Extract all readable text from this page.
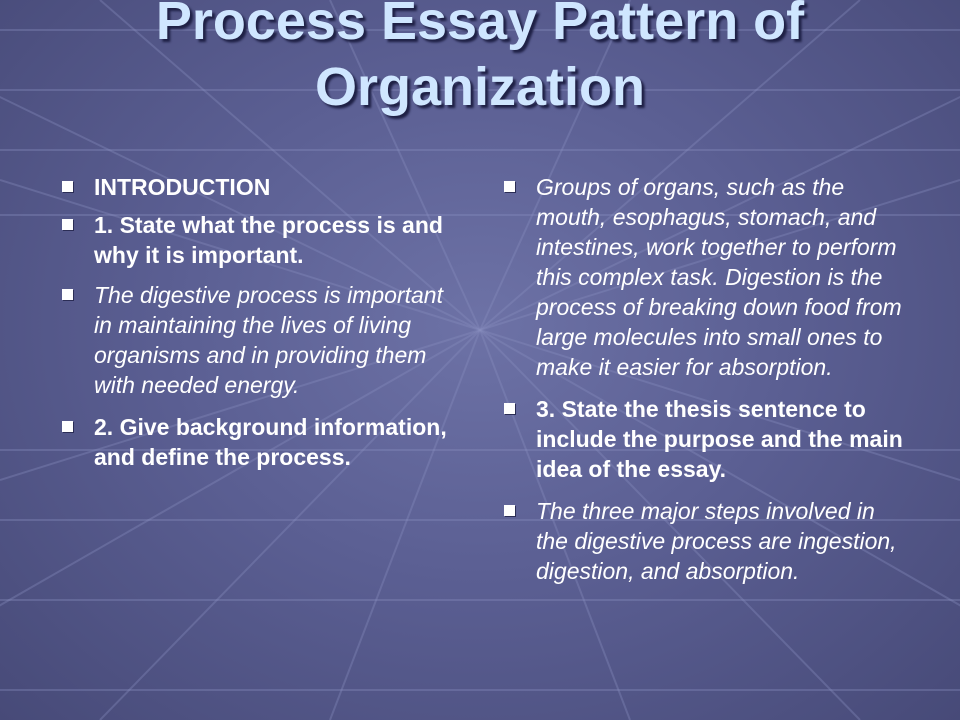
Process Essay Pattern of
Organization
INTRODUCTION
1. State what the process is and why it is important.
The digestive process is important in maintaining the lives of living organisms and in providing them with needed energy.
2. Give background information, and define the process.
Groups of organs, such as the mouth, esophagus, stomach, and intestines, work together to perform this complex task. Digestion is the process of breaking down food from large molecules into small ones to make it easier for absorption.
3. State the thesis sentence to include the purpose and the main idea of the essay.
The three major steps involved in the digestive process are ingestion, digestion, and absorption.
